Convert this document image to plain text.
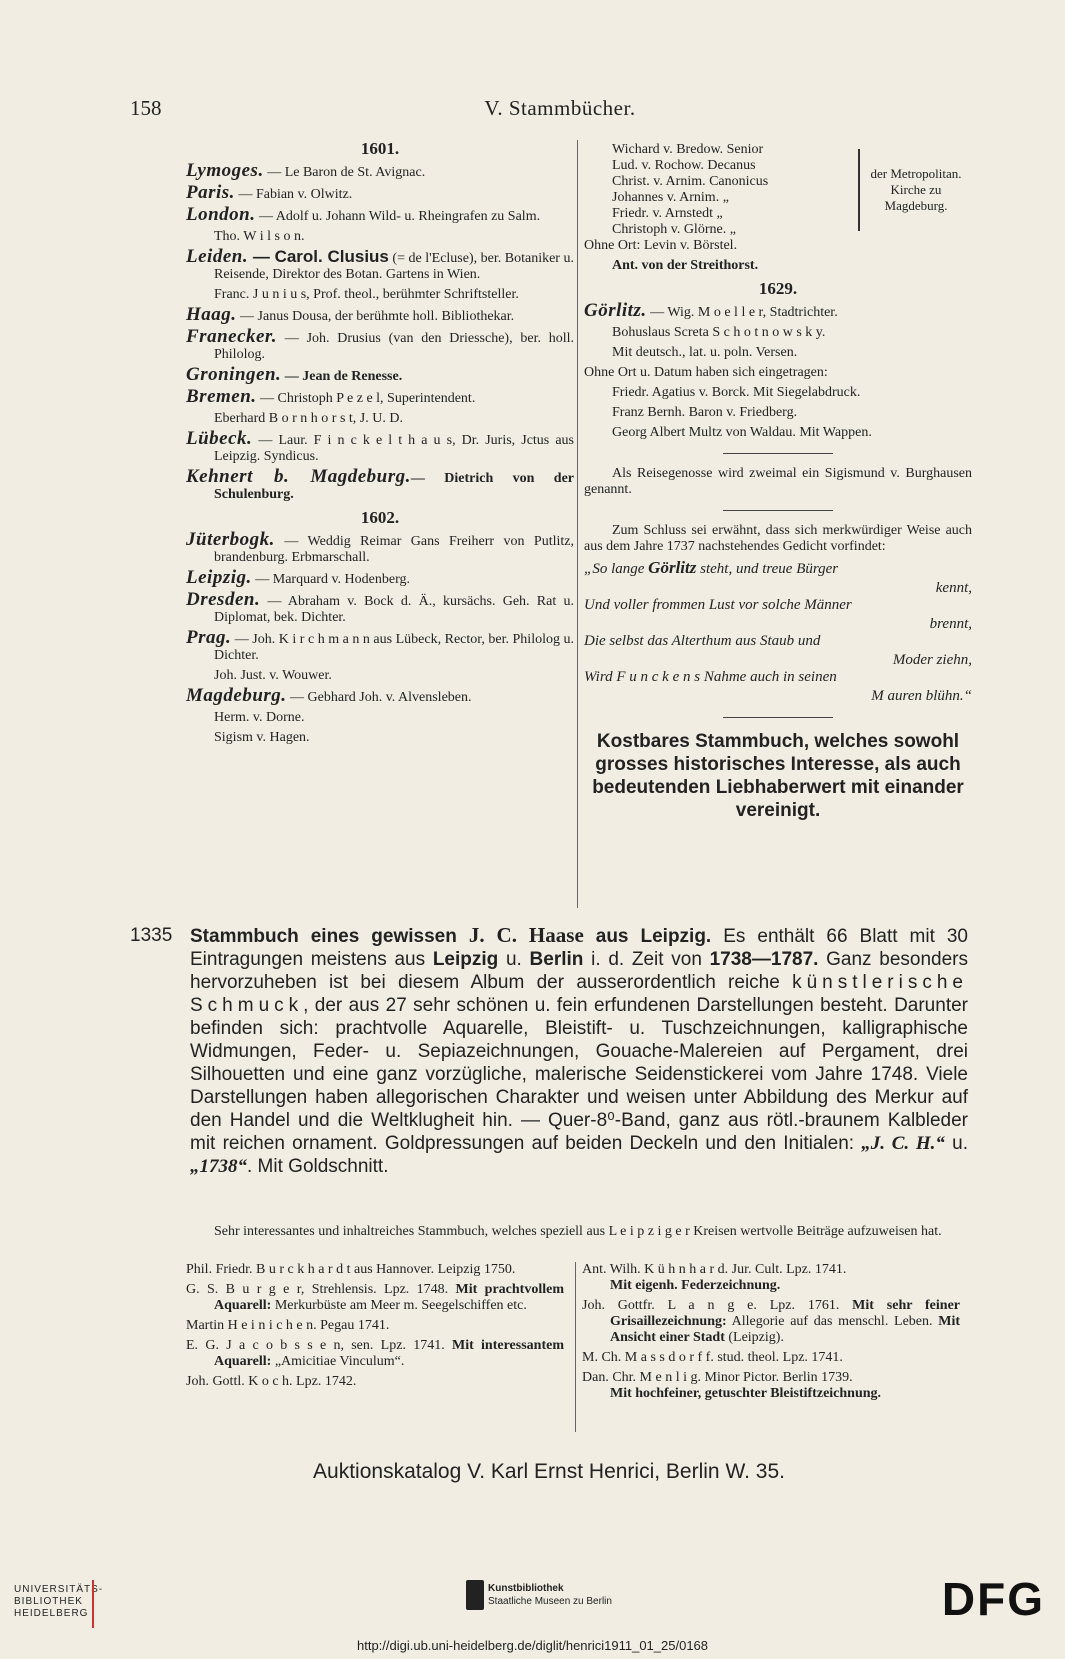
158	V. Stammbücher.
1601.
Lymoges. — Le Baron de St. Avignac.
Paris. — Fabian v. Olwitz.
London. — Adolf u. Johann Wild- u. Rheingrafen zu Salm.
Tho. W i l s o n.
Leiden. — Carol. Clusius (= de l'Ecluse), ber. Botaniker u. Reisende, Direktor des Botan. Gartens in Wien.
Franc. J u n i u s, Prof. theol., berühmter Schriftsteller.
Haag. — Janus Dousa, der berühmte holl. Bibliothekar.
Franecker. — Joh. Drusius (van den Driessche), ber. holl. Philolog.
Groningen. — Jean de Renesse.
Bremen. — Christoph P e z e l, Superintendent.
Eberhard B o r n h o r s t, J. U. D.
Lübeck. — Laur. F i n c k e l t h a u s, Dr. Juris, Jctus aus Leipzig. Syndicus.
Kehnert b. Magdeburg.— Dietrich von der Schulenburg.
1602.
Jüterbogk. — Weddig Reimar Gans Freiherr von Putlitz, brandenburg. Erbmarschall.
Leipzig. — Marquard v. Hodenberg.
Dresden. — Abraham v. Bock d. Ä., kursächs. Geh. Rat u. Diplomat, bek. Dichter.
Prag. — Joh. K i r c h m a n n aus Lübeck, Rector, ber. Philolog u. Dichter.
Joh. Just. v. Wouwer.
Magdeburg. — Gebhard Joh. v. Alvensleben.
Herm. v. Dorne.
Sigism v. Hagen.
Wichard v. Bredow. Senior
Lud. v. Rochow. Decanus
Christ. v. Arnim. Canonicus
Johannes v. Arnim. „
Friedr. v. Arnstedt „
Christoph v. Glörne. „
der Metropolitan. Kirche zu Magdeburg.
Ohne Ort: Levin v. Börstel.
Ant. von der Streithorst.
1629.
Görlitz. — Wig. M o e l l e r, Stadtrichter.
Bohuslaus Screta S c h o t n o w s k y.
Mit deutsch., lat. u. poln. Versen.
Ohne Ort u. Datum haben sich eingetragen:
Friedr. Agatius v. Borck. Mit Siegelabdruck.
Franz Bernh. Baron v. Friedberg.
Georg Albert Multz von Waldau. Mit Wappen.
Als Reisegenosse wird zweimal ein Sigismund v. Burghausen genannt.
Zum Schluss sei erwähnt, dass sich merkwürdiger Weise auch aus dem Jahre 1737 nachstehendes Gedicht vorfindet:
„So lange Görlitz steht, und treue Bürger
kennt,
Und voller frommen Lust vor solche Männer
brennt,
Die selbst das Alterthum aus Staub und
Moder ziehn,
Wird F u n c k e n s Nahme auch in seinen
M auren blühn.“
Kostbares Stammbuch, welches sowohl grosses historisches Interesse, als auch bedeutenden Liebhaberwert mit einander vereinigt.
1335 Stammbuch eines gewissen J. C. Haase aus Leipzig. Es enthält 66 Blatt mit 30 Eintragungen meistens aus Leipzig u. Berlin i. d. Zeit von 1738—1787. Ganz besonders hervorzuheben ist bei diesem Album der ausserordentlich reiche künstlerische Schmuck, der aus 27 sehr schönen u. fein erfundenen Darstellungen besteht. Darunter befinden sich: prachtvolle Aquarelle, Bleistift- u. Tuschzeichnungen, kalligraphische Widmungen, Feder- u. Sepiazeichnungen, Gouache-Malereien auf Pergament, drei Silhouetten und eine ganz vorzügliche, malerische Seidenstickerei vom Jahre 1748. Viele Darstellungen haben allegorischen Charakter und weisen unter Abbildung des Merkur auf den Handel und die Weltklugheit hin. — Quer-8⁰-Band, ganz aus rötl.-braunem Kalbleder mit reichen ornament. Goldpressungen auf beiden Deckeln und den Initialen: „J. C. H.“ u. „1738“. Mit Goldschnitt.
Sehr interessantes und inhaltreiches Stammbuch, welches speziell aus L e i p z i g e r Kreisen wertvolle Beiträge aufzuweisen hat.
Phil. Friedr. B u r c k h a r d t aus Hannover. Leipzig 1750.
G. S. B u r g e r, Strehlensis. Lpz. 1748. Mit prachtvollem Aquarell: Merkurbüste am Meer m. Seegelschiffen etc.
Martin H e i n i c h e n. Pegau 1741.
E. G. J a c o b s s e n, sen. Lpz. 1741. Mit interessantem Aquarell: „Amicitiae Vinculum“.
Joh. Gottl. K o c h. Lpz. 1742.
Ant. Wilh. K ü h n h a r d. Jur. Cult. Lpz. 1741.
Mit eigenh. Federzeichnung.
Joh. Gottfr. L a n g e. Lpz. 1761. Mit sehr feiner Grisaillezeichnung: Allegorie auf das menschl. Leben. Mit Ansicht einer Stadt (Leipzig).
M. Ch. M a s s d o r f f. stud. theol. Lpz. 1741.
Dan. Chr. M e n l i g. Minor Pictor. Berlin 1739.
Mit hochfeiner, getuschter Bleistiftzeichnung.
Auktionskatalog V. Karl Ernst Henrici, Berlin W. 35.
UNIVERSITÄTS-
BIBLIOTHEK
HEIDELBERG
Kunstbibliothek
Staatliche Museen zu Berlin	DFG
http://digi.ub.uni-heidelberg.de/diglit/henrici1911_01_25/0168
